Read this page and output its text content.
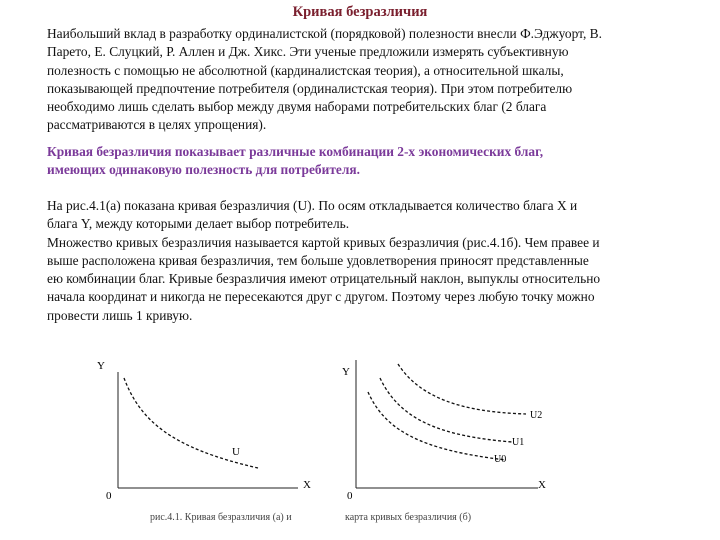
Кривая безразличия
Наибольший вклад в разработку ординалистской (порядковой) полезности внесли Ф.Эджуорт, В.
Парето, Е. Слуцкий, Р. Аллен и Дж. Хикс. Эти ученые предложили измерять субъективную
полезность с помощью не абсолютной (кардиналистская теория), а относительной шкалы,
показывающей предпочтение потребителя (ординалистская теория). При этом потребителю
необходимо лишь сделать выбор между двумя наборами потребительских благ (2 блага
рассматриваются в целях упрощения).
Кривая безразличия показывает различные комбинации 2-х экономических благ,
имеющих одинаковую полезность для потребителя.
На рис.4.1(а) показана кривая безразличия (U). По осям откладывается количество блага Х и
блага Y, между которыми делает выбор потребитель.
Множество кривых безразличия называется картой кривых безразличия (рис.4.1б). Чем правее и
выше расположена кривая безразличия, тем больше удовлетворения приносят представленные
ею комбинации благ. Кривые безразличия имеют отрицательный наклон, выпуклы относительно
начала координат и никогда не пересекаются друг с другом. Поэтому через любую точку можно
провести лишь 1 кривую.
Y
X
0
U
рис.4.1. Кривая безразличия (а) и
Y
X
0
U2
U1
U0
карта кривых безразличия (б)
